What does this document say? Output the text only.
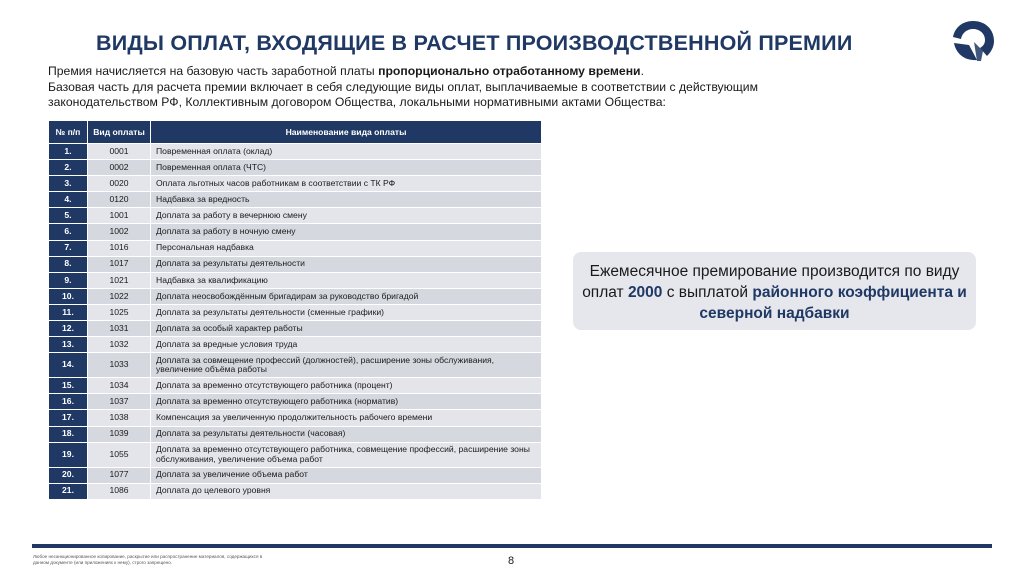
ВИДЫ ОПЛАТ, ВХОДЯЩИЕ В РАСЧЕТ ПРОИЗВОДСТВЕННОЙ ПРЕМИИ
Премия начисляется на базовую часть заработной платы пропорционально отработанному времени.
Базовая часть для расчета премии включает в себя следующие виды оплат, выплачиваемые в соответствии с действующим законодательством РФ, Коллективным договором Общества, локальными нормативными актами Общества:
№ п/п	Вид оплаты	Наименование вида оплаты
1.	0001	Повременная оплата (оклад)
2.	0002	Повременная оплата (ЧТС)
3.	0020	Оплата льготных часов работникам в соответствии с ТК РФ
4.	0120	Надбавка за вредность
5.	1001	Доплата за работу в вечернюю смену
6.	1002	Доплата за работу в ночную смену
7.	1016	Персональная надбавка
8.	1017	Доплата за результаты деятельности
9.	1021	Надбавка за квалификацию
10.	1022	Доплата неосвобождённым бригадирам за руководство бригадой
11.	1025	Доплата за результаты деятельности (сменные графики)
12.	1031	Доплата за особый характер работы
13.	1032	Доплата за вредные условия труда
14.	1033	Доплата за совмещение профессий (должностей), расширение зоны обслуживания, увеличение объёма работы
15.	1034	Доплата за временно отсутствующего работника (процент)
16.	1037	Доплата за временно отсутствующего работника (норматив)
17.	1038	Компенсация за увеличенную продолжительность рабочего времени
18.	1039	Доплата за результаты деятельности (часовая)
19.	1055	Доплата за временно отсутствующего работника, совмещение профессий, расширение зоны обслуживания, увеличение объема работ
20.	1077	Доплата за увеличение объема работ
21.	1086	Доплата до целевого уровня
Ежемесячное премирование производится по виду оплат 2000 с выплатой районного коэффициента и северной надбавки
Любое несанкционированное копирование, раскрытие или распространение материалов, содержащихся в данном документе (или приложениях к нему), строго запрещено.	8
